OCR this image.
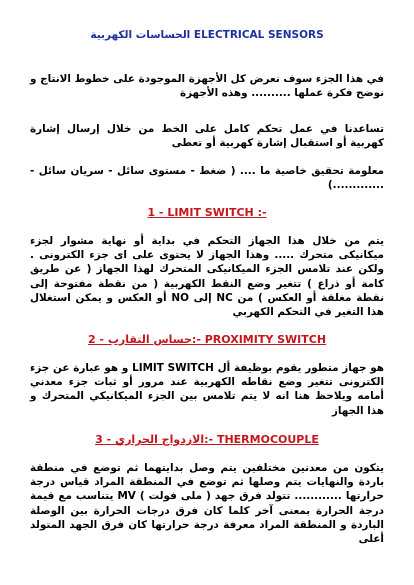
الحساسات الكهربية ELECTRICAL SENSORS
في هذا الجزء سوف نعرض كل الأجهزة الموجودة على خطوط الانتاج و نوضح فكرة عملها .......... وهذه الأجهزة
تساعدنا في عمل تحكم كامل على الخط من خلال إرسال إشارة كهربية أو استقبال إشارة كهربية أو تعطى
معلومة تحقيق خاصية ما .... ( ضغط - مستوى سائل - سريان سائل - .............)
1 - LIMIT SWITCH :-
يتم من خلال هذا الجهاز التحكم في بداية أو نهاية مشوار لجزء ميكانيكى متحرك ..... وهذا الجهاز لا يحتوى على اى جزء الكترونى . ولكن عند تلامس الجزء الميكانيكى المتحرك لهذا الجهاز ( عن طريق كامة أو ذراع ) تتغير وضع النقط الكهربية ( من نقطة مفتوحة إلى نقطة مغلقة أو العكس ) من NC إلى NO أو العكس و يمكن استغلال هذا التغير في التحكم الكهربي
2 - حساس التقارب:- PROXIMITY SWITCH
هو جهاز متطور يقوم بوظيفة أل LIMIT SWITCH و هو عبارة عن جزء الكترونى تتغير وضع نقاطه الكهربية عند مرور أو ثبات جزء معدني أمامه ويلاحظ هنا انه لا يتم تلامس بين الجزء الميكانيكي المتحرك و هذا الجهاز
3 - الازدواج الحراري:- THERMOCOUPLE
يتكون من معدنين مختلفين يتم وصل بدايتهما ثم توضع في منطقة باردة والنهايات يتم وصلها ثم توضع في المنطقة المراد قياس درجة حرارتها ............ تتولد فرق جهد ( ملى فولت ) MV يتناسب مع قيمة درجة الحرارة بمعنى آخر كلما كان فرق درجات الحرارة بين الوصلة الباردة و المنطقة المراد معرفة درجة حرارتها كان فرق الجهد المتولد أعلى
